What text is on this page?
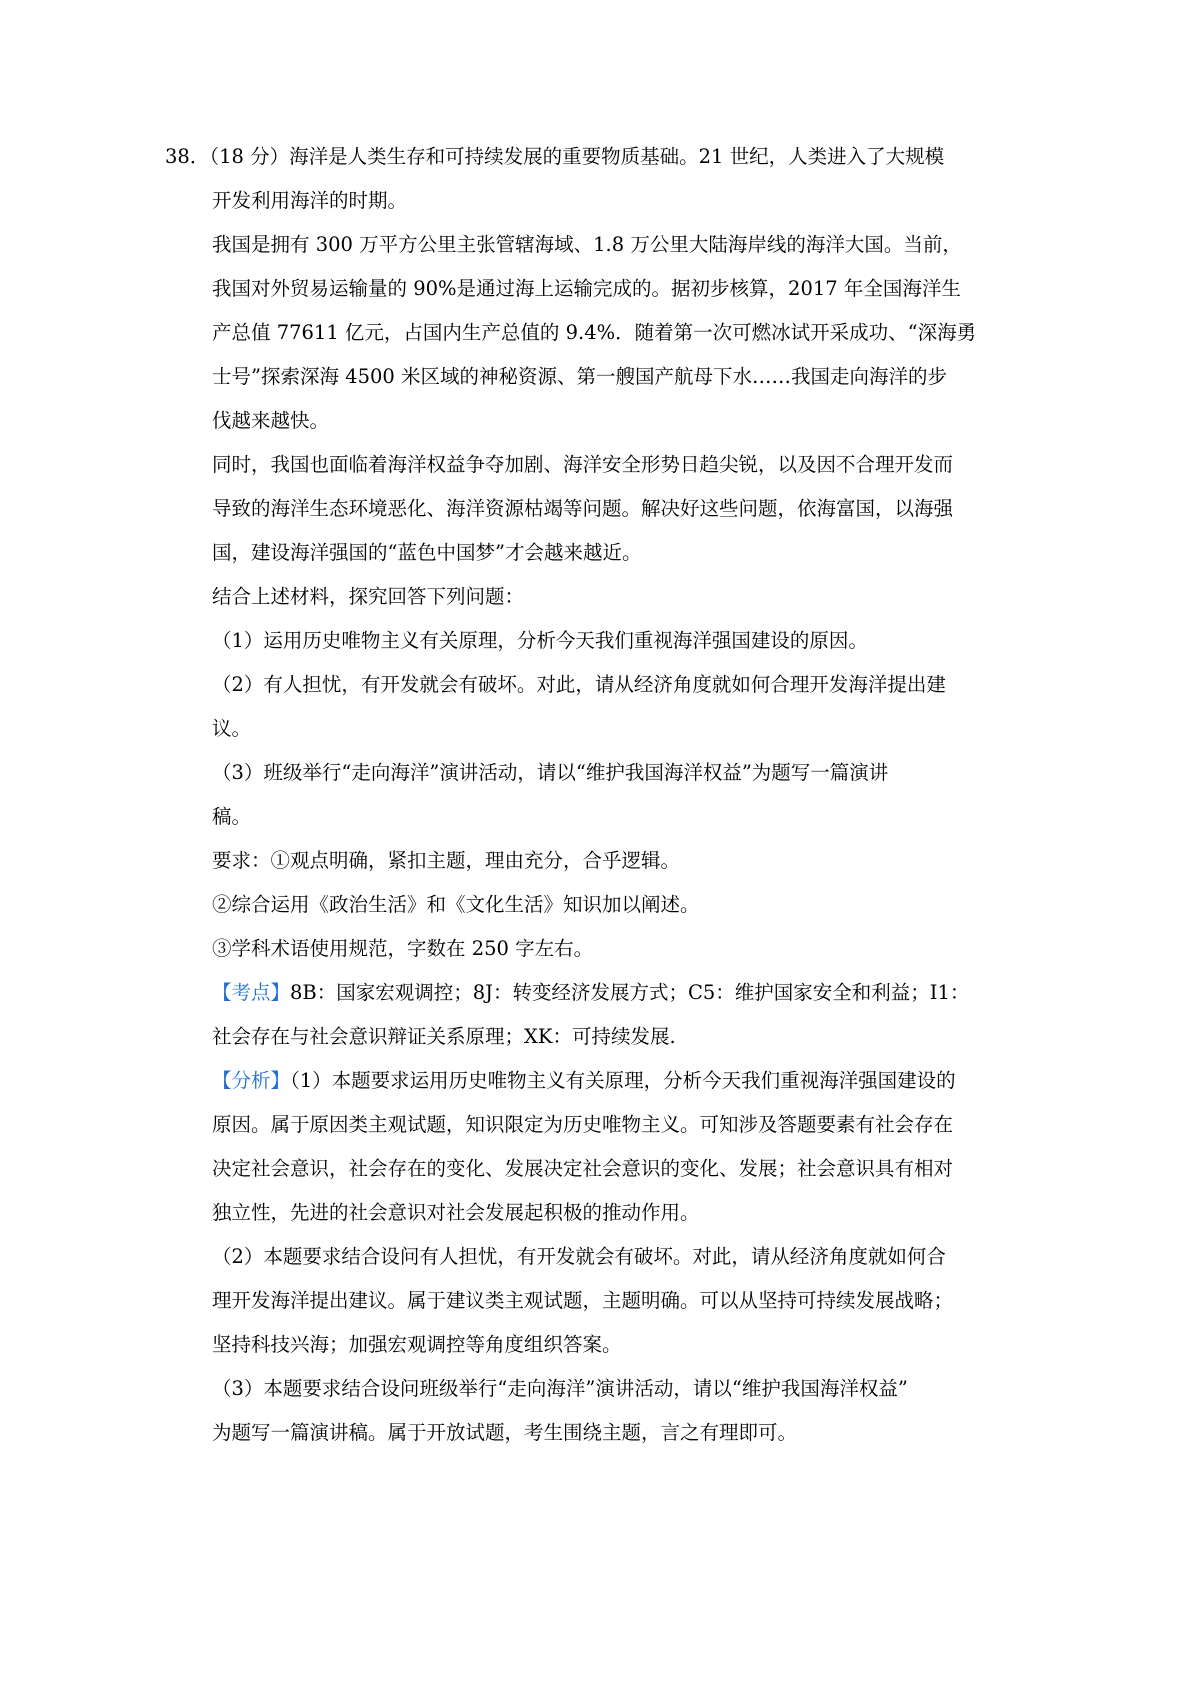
38．（18 分）海洋是人类生存和可持续发展的重要物质基础。21 世纪，人类进入了大规模
开发利用海洋的时期。
我国是拥有 300 万平方公里主张管辖海域、1.8 万公里大陆海岸线的海洋大国。当前，
我国对外贸易运输量的 90%是通过海上运输完成的。据初步核算，2017 年全国海洋生
产总值 77611 亿元，占国内生产总值的 9.4%．随着第一次可燃冰试开采成功、“深海勇
士号”探索深海 4500 米区域的神秘资源、第一艘国产航母下水……我国走向海洋的步
伐越来越快。
同时，我国也面临着海洋权益争夺加剧、海洋安全形势日趋尖锐，以及因不合理开发而
导致的海洋生态环境恶化、海洋资源枯竭等问题。解决好这些问题，依海富国，以海强
国，建设海洋强国的“蓝色中国梦”才会越来越近。
结合上述材料，探究回答下列问题：
（1）运用历史唯物主义有关原理，分析今天我们重视海洋强国建设的原因。
（2）有人担忧，有开发就会有破坏。对此，请从经济角度就如何合理开发海洋提出建
议。
（3）班级举行“走向海洋”演讲活动，请以“维护我国海洋权益”为题写一篇演讲
稿。
要求：①观点明确，紧扣主题，理由充分，合乎逻辑。
②综合运用《政治生活》和《文化生活》知识加以阐述。
③学科术语使用规范，字数在 250 字左右。
【考点】8B：国家宏观调控；8J：转变经济发展方式；C5：维护国家安全和利益；I1：
社会存在与社会意识辩证关系原理；XK：可持续发展.
【分析】（1）本题要求运用历史唯物主义有关原理，分析今天我们重视海洋强国建设的
原因。属于原因类主观试题，知识限定为历史唯物主义。可知涉及答题要素有社会存在
决定社会意识，社会存在的变化、发展决定社会意识的变化、发展；社会意识具有相对
独立性，先进的社会意识对社会发展起积极的推动作用。
（2）本题要求结合设问有人担忧，有开发就会有破坏。对此，请从经济角度就如何合
理开发海洋提出建议。属于建议类主观试题，主题明确。可以从坚持可持续发展战略；
坚持科技兴海；加强宏观调控等角度组织答案。
（3）本题要求结合设问班级举行“走向海洋”演讲活动，请以“维护我国海洋权益”
为题写一篇演讲稿。属于开放试题，考生围绕主题，言之有理即可。
